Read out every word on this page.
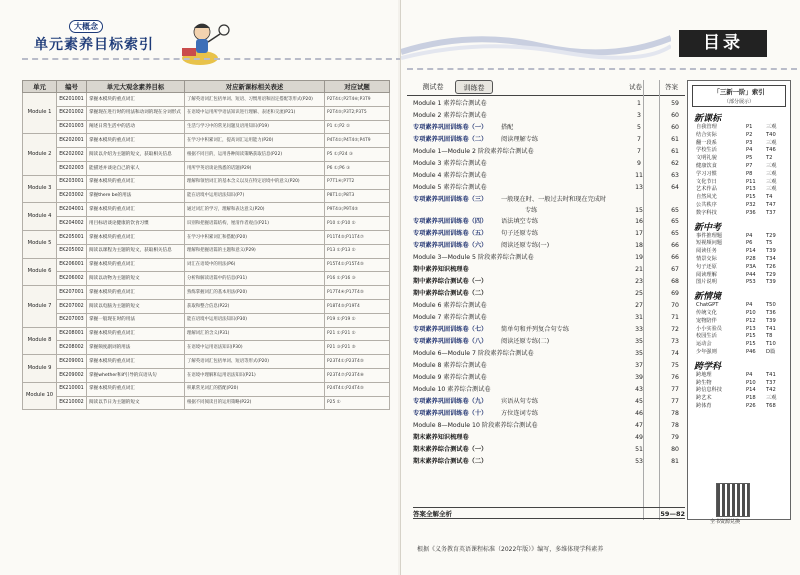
大概念
单元素养目标索引
单元	编号	单元大观念素养目标	对应新课标相关表述	对应试题
Module 1	EK201001	掌握本模块的重点词汇	了解英语词汇包括单词、短语、习惯用语和固定搭配等形式(P20)	P2T4①;P2T4⑥;P3T9
	EK201002	掌握现在进行时的用法和动词的现在分词形式	在语境中运用所学语法知识进行理解、表述和交流(P21)	P2T4⑤;P3T2;P3T5
	EK201003	阐述日常生活中的活动	生活与学习中的常见问题及语用知识(P19)	P1 ①;P2 ②
Module 2	EK202001	掌握本模块的重点词汇	在学习中积累词汇，提高词汇运用能力(P20)	P4T4②;P4T4⑤;P4T9
	EK202002	阅读以介绍为主题的短文，获取相关信息	根据不同目的，运用各种阅读策略获取信息(P22)	P5 ①;P24 ③
	EK202003	能描述并谈论自己的家人	用所学英语谈论熟悉的话题(P29)	P6 ①;P6 ③
Module 3	EK203001	掌握本模块的重点词汇	理解和领悟词汇的基本含义以及在特定语境中的意义(P20)	P7T1④;P7T2
	EK203002	掌握there be的用法	能在语境中运用语法知识(P7)	P8T1②;P8T3
Module 4	EK204001	掌握本模块的重点词汇	通过词汇的学习，理解和表达意义(P20)	P9T4③;P9T4⑤
	EK204002	用目标语谈论健康的饮食习惯	识别和把握语篇结构，厘清作者观点(P21)	P10 ①;P10 ②
Module 5	EK205001	掌握本模块的重点词汇	在学习中积累词汇和搭配(P20)	P11T4⑤;P11T4⑦
	EK205002	阅读以课程为主题的短文，获取相关信息	理解和把握语篇的主题和意义(P29)	P13 ①;P13 ②
Module 6	EK206001	掌握本模块的重点词汇	词汇在语境中的用法(P6)	P15T4②;P15T4⑤
	EK206002	阅读以动物为主题的短文	分析和解读语篇中的信息(P31)	P16 ①;P16 ③
Module 7	EK207001	掌握本模块的重点词汇	熟练掌握词汇的基本用法(P20)	P17T4④;P17T4⑤
	EK207002	阅读以电脑为主题的短文	获取和整合信息(P22)	P18T4⑤;P19T4
	EK207003	掌握一般现在时的用法	能在语境中运用语法知识(P30)	P19 ①;P19 ②
Module 8	EK208001	掌握本模块的重点词汇	理解词汇的含义(P31)	P21 ①;P21 ②
	EK208002	掌握频度副词的用法	在语境中运用语法知识(P30)	P21 ③;P21 ⑤
Module 9	EK209001	掌握本模块的重点词汇	了解英语词汇包括单词、短语等形式(P20)	P23T4①;P23T4⑤
	EK209002	掌握whether和if引导的宾语从句	在语境中理解和运用语法知识(P21)	P23T4⑦;P23T4⑧
Module 10	EK210001	掌握本模块的重点词汇	积累常见词汇的搭配(P20)	P24T4①;P24T4⑤
	EK210002	阅读以节日为主题的短文	根据不同阅读目的运用策略(P22)	P25 ①
目录
测试卷	训练卷	试卷	答案
Module 1 素养综合测试卷	1	59
Module 2 素养综合测试卷	3	60
专项素养巩固训练卷（一） 搭配	5	60
专项素养巩固训练卷（二） 阅读理解专练	7	61
Module 1—Module 2 阶段素养综合测试卷	7	61
Module 3 素养综合测试卷	9	62
Module 4 素养综合测试卷	11	63
Module 5 素养综合测试卷	13	64
专项素养巩固训练卷（三） 一般现在时、一般过去时和现在完成时
专练	15	65
专项素养巩固训练卷（四） 语法填空专练	16	65
专项素养巩固训练卷（五） 句子还原专练	17	65
专项素养巩固训练卷（六） 阅读还原专练(一)	18	66
Module 3—Module 5 阶段素养综合测试卷	19	66
期中素养知识梳理卷	21	67
期中素养综合测试卷（一）	23	68
期中素养综合测试卷（二）	25	69
Module 6 素养综合测试卷	27	70
Module 7 素养综合测试卷	31	71
专项素养巩固训练卷（七） 简单句和并列复合句专练	33	72
专项素养巩固训练卷（八） 阅读还原专练(二)	35	73
Module 6—Module 7 阶段素养综合测试卷	35	74
Module 8 素养综合测试卷	37	75
Module 9 素养综合测试卷	39	76
Module 10 素养综合测试卷	43	77
专项素养巩固训练卷（九） 宾语从句专练	45	77
专项素养巩固训练卷（十） 方位连词专练	46	78
Module 8—Module 10 阶段素养综合测试卷	47	78
期末素养知识梳理卷	49	79
期末素养综合测试卷（一）	51	80
期末素养综合测试卷（二）	53	81
答案全解全析	59—82
根据《义务教育英语课程标准（2022年版）》编写，多维体现学科素养
「三新一阶」索引
（部分展示）
全书资源兑换
新课标
自我管理	P1	三观
结合实际	P2	T40
翻一段系	P3	三观
学校生活	P4	T46
文明礼貌	P5	T2
健康饮食	P7	三观
学习习惯	P8	三观
文化节日	P11 三观
艺术作品	P13 三观
自然风光	P15 T4
公共秩序	P32 T47
数字科技	P36 T37
新中考
事件推理题	P4	T29
短视频问题	P6	T5
阅读任务	P14 T39
情景交际	P28 T34
句子还原	P3A T26
阅读理解	P44 T29
图片说明	P53 T39
新情境
ChatGPT	P4	T50
传统文化	P10 T36
宠物陪伴	P12 T39
小小实验员	P13 T41
校园生活	P15 T8
运动会	P15 T10
少年强则	P46 D篇
跨学科
跨地理	P4	T41
跨生物	P10 T37
跨信息科技	P14 T42
跨艺术	P18 三观
跨体育	P26 T68
